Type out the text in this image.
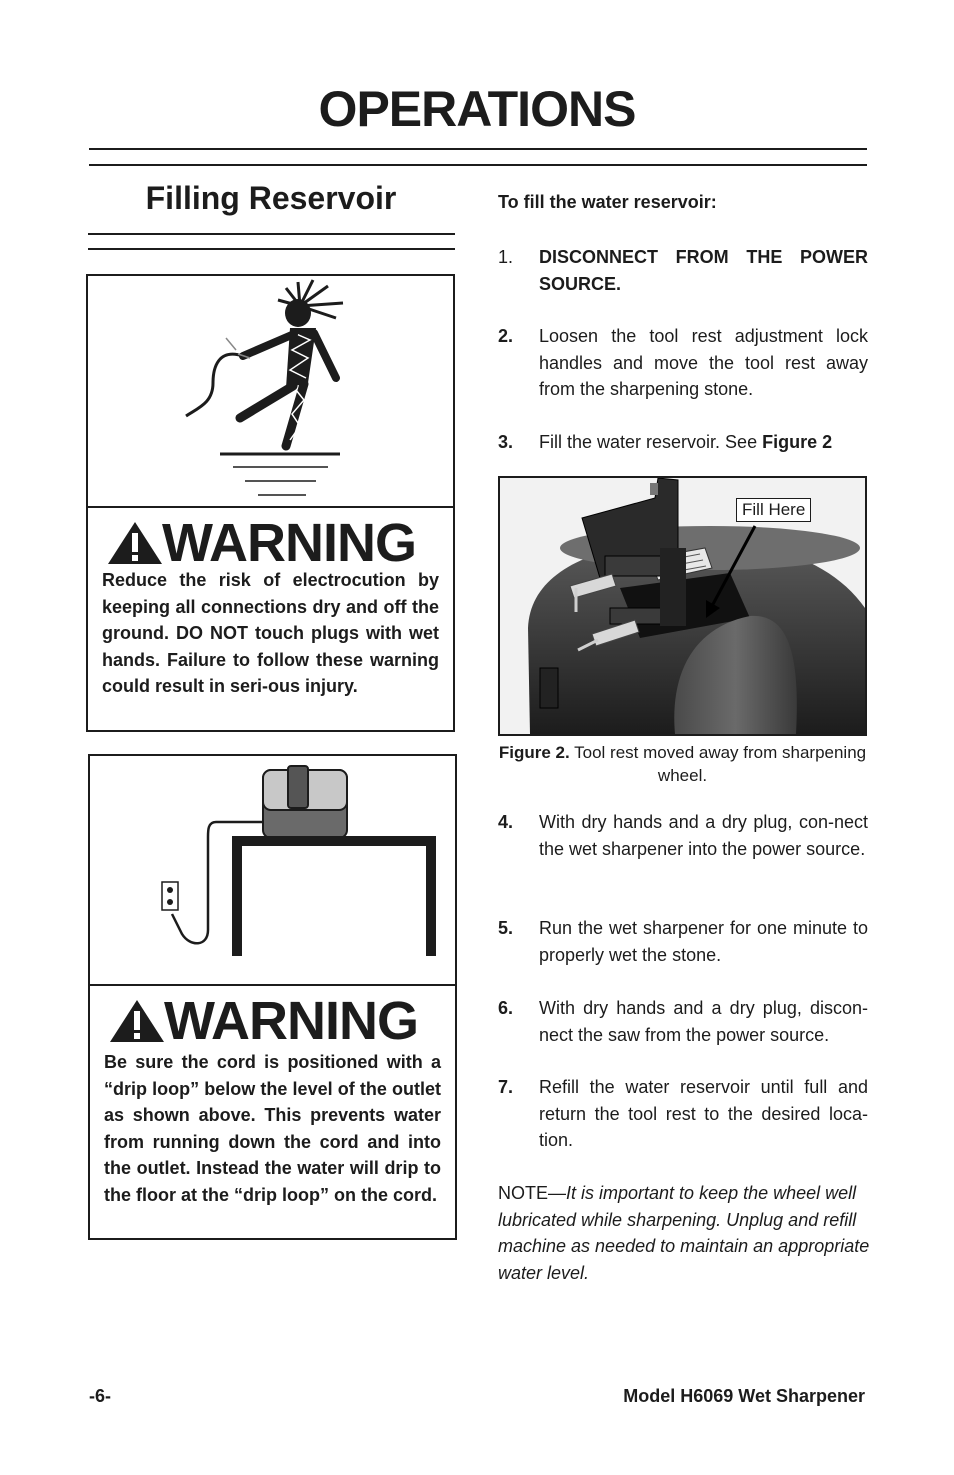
OPERATIONS
Filling Reservoir
WARNING
Reduce the risk of electrocution by keeping all connections dry and off the ground. DO NOT touch plugs with wet hands. Failure to follow these warning could result in seri-ous injury.
WARNING
Be sure the cord is positioned with a “drip loop” below the level of the outlet as shown above. This prevents water from running down the cord and into the outlet. Instead the water will drip to the floor at the “drip loop” on the cord.
To fill the water reservoir:
1. DISCONNECT FROM THE POWER SOURCE.
2. Loosen the tool rest adjustment lock handles and move the tool rest away from the sharpening stone.
3. Fill the water reservoir. See Figure 2
Fill Here
Figure 2. Tool rest moved away from sharpening wheel.
4. With dry hands and a dry plug, con-nect the wet sharpener into the power source.
5. Run the wet sharpener for one minute to properly wet the stone.
6. With dry hands and a dry plug, discon-nect the saw from the power source.
7. Refill the water reservoir until full and return the tool rest to the desired loca-tion.
NOTE—It is important to keep the wheel well lubricated while sharpening. Unplug and refill machine as needed to maintain an appropriate water level.
-6-	Model H6069 Wet Sharpener
